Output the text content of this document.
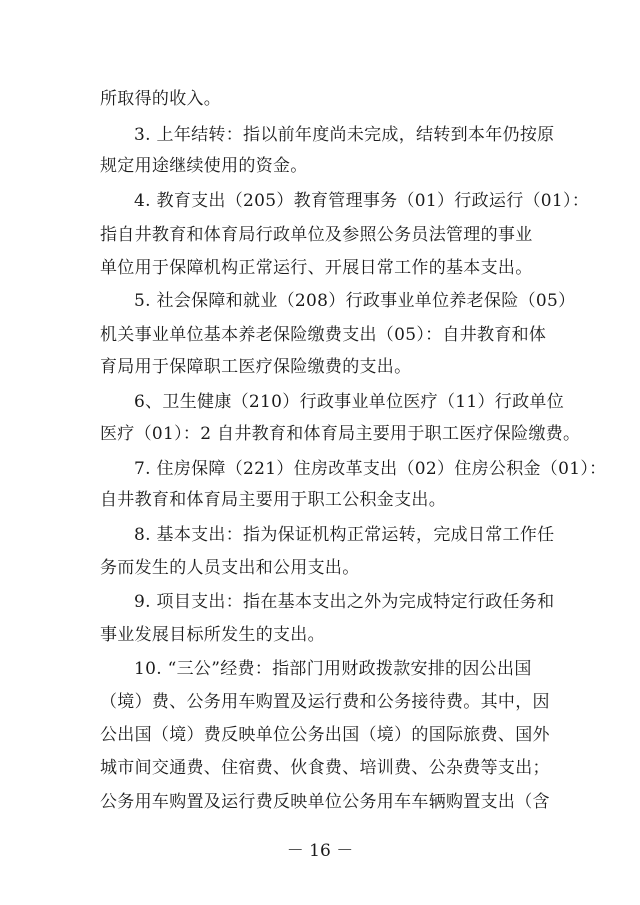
所取得的收入。
3. 上年结转：指以前年度尚未完成，结转到本年仍按原
规定用途继续使用的资金。
4. 教育支出（205）教育管理事务（01）行政运行（01）：
指自井教育和体育局行政单位及参照公务员法管理的事业
单位用于保障机构正常运行、开展日常工作的基本支出。
5. 社会保障和就业（208）行政事业单位养老保险（05）
机关事业单位基本养老保险缴费支出（05）：自井教育和体
育局用于保障职工医疗保险缴费的支出。
6、卫生健康（210）行政事业单位医疗（11）行政单位
医疗（01）：2 自井教育和体育局主要用于职工医疗保险缴费。
7. 住房保障（221）住房改革支出（02）住房公积金（01）：
自井教育和体育局主要用于职工公积金支出。
8. 基本支出：指为保证机构正常运转，完成日常工作任
务而发生的人员支出和公用支出。
9. 项目支出：指在基本支出之外为完成特定行政任务和
事业发展目标所发生的支出。
10. “三公”经费：指部门用财政拨款安排的因公出国
（境）费、公务用车购置及运行费和公务接待费。其中，因
公出国（境）费反映单位公务出国（境）的国际旅费、国外
城市间交通费、住宿费、伙食费、培训费、公杂费等支出；
公务用车购置及运行费反映单位公务用车车辆购置支出（含
－ 16 －
